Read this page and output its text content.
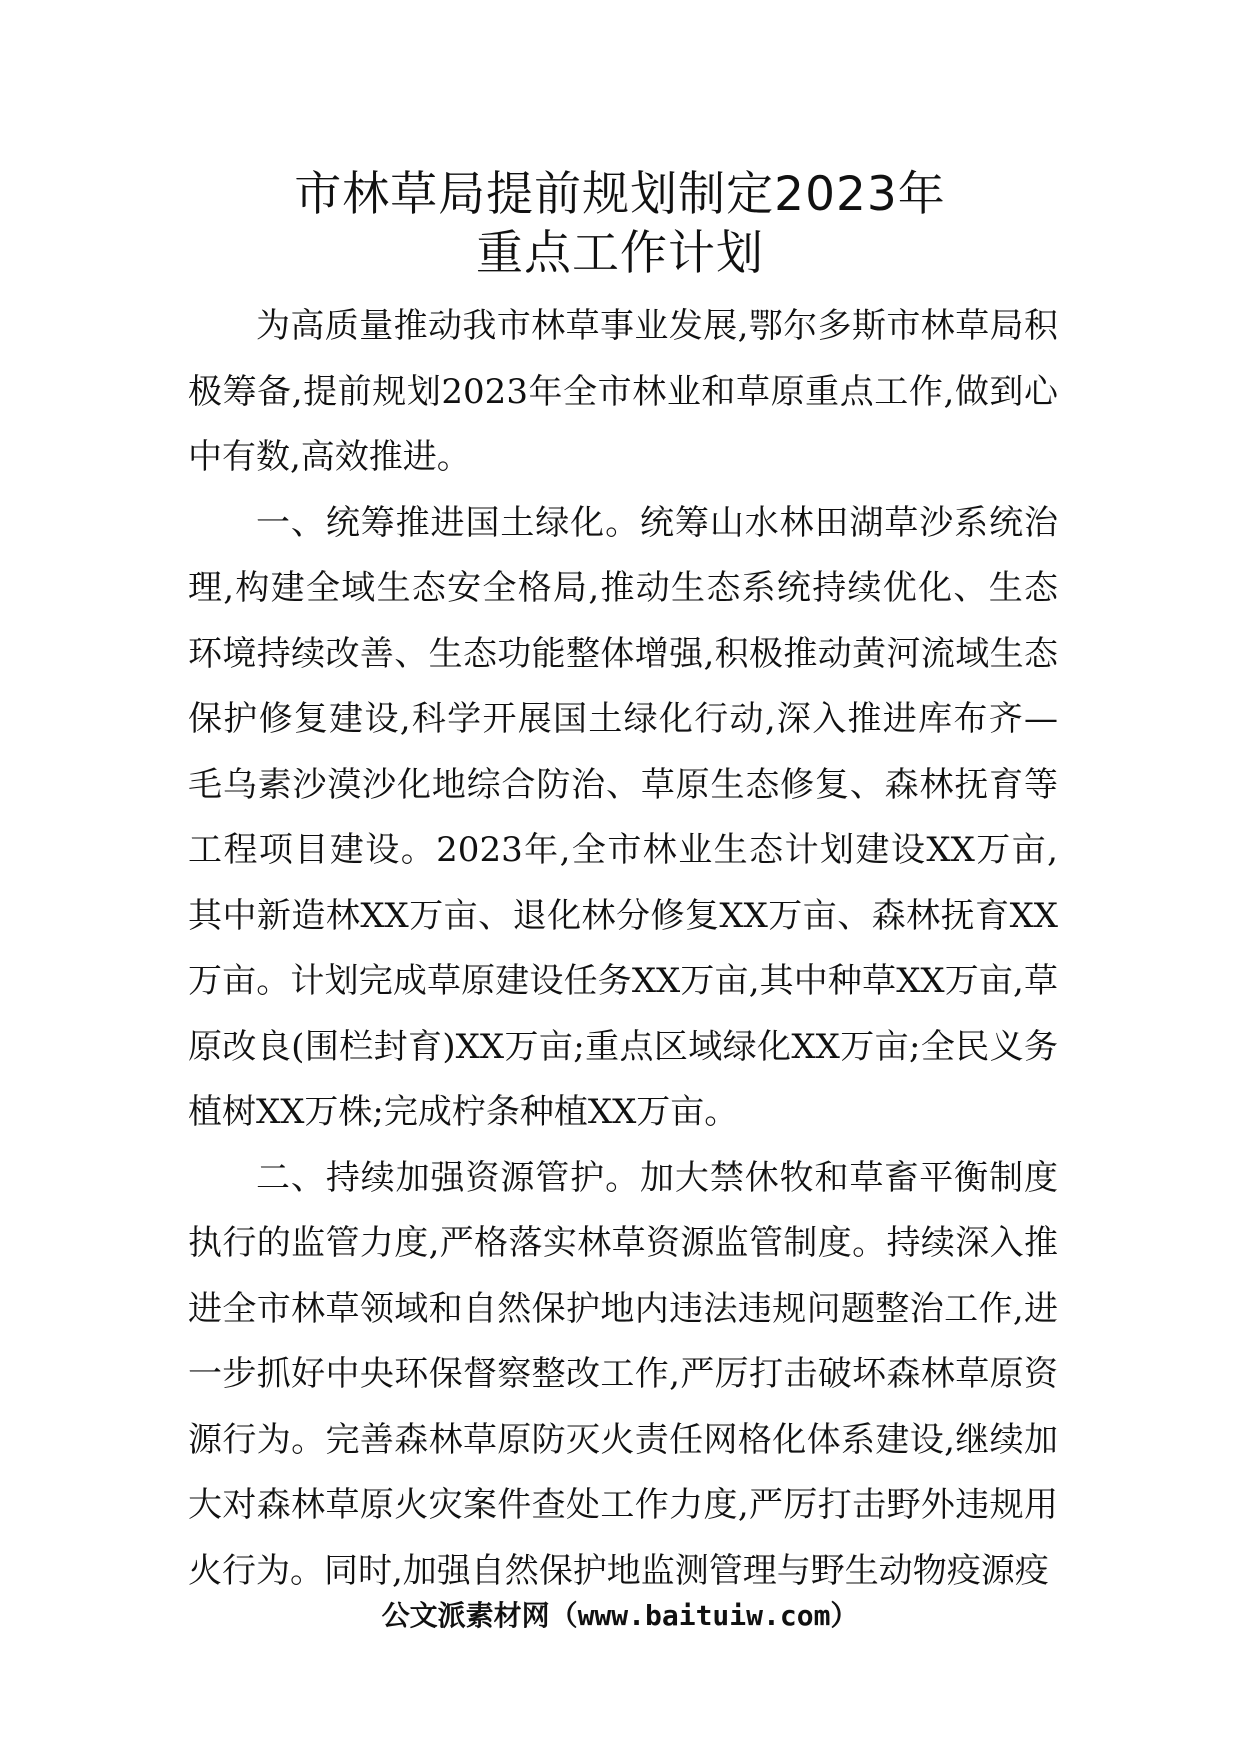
市林草局提前规划制定2023年
重点工作计划

为高质量推动我市林草事业发展,鄂尔多斯市林草局积极筹备,提前规划2023年全市林业和草原重点工作,做到心中有数,高效推进。

一、统筹推进国土绿化。统筹山水林田湖草沙系统治理,构建全域生态安全格局,推动生态系统持续优化、生态环境持续改善、生态功能整体增强,积极推动黄河流域生态保护修复建设,科学开展国土绿化行动,深入推进库布齐—毛乌素沙漠沙化地综合防治、草原生态修复、森林抚育等工程项目建设。2023年,全市林业生态计划建设XX万亩,其中新造林XX万亩、退化林分修复XX万亩、森林抚育XX万亩。计划完成草原建设任务XX万亩,其中种草XX万亩,草原改良(围栏封育)XX万亩;重点区域绿化XX万亩;全民义务植树XX万株;完成柠条种植XX万亩。

二、持续加强资源管护。加大禁休牧和草畜平衡制度执行的监管力度,严格落实林草资源监管制度。持续深入推进全市林草领域和自然保护地内违法违规问题整治工作,进一步抓好中央环保督察整改工作,严厉打击破坏森林草原资源行为。完善森林草原防灭火责任网格化体系建设,继续加大对森林草原火灾案件查处工作力度,严厉打击野外违规用火行为。同时,加强自然保护地监测管理与野生动物疫源疫

公文派素材网（www.baituiw.com）
